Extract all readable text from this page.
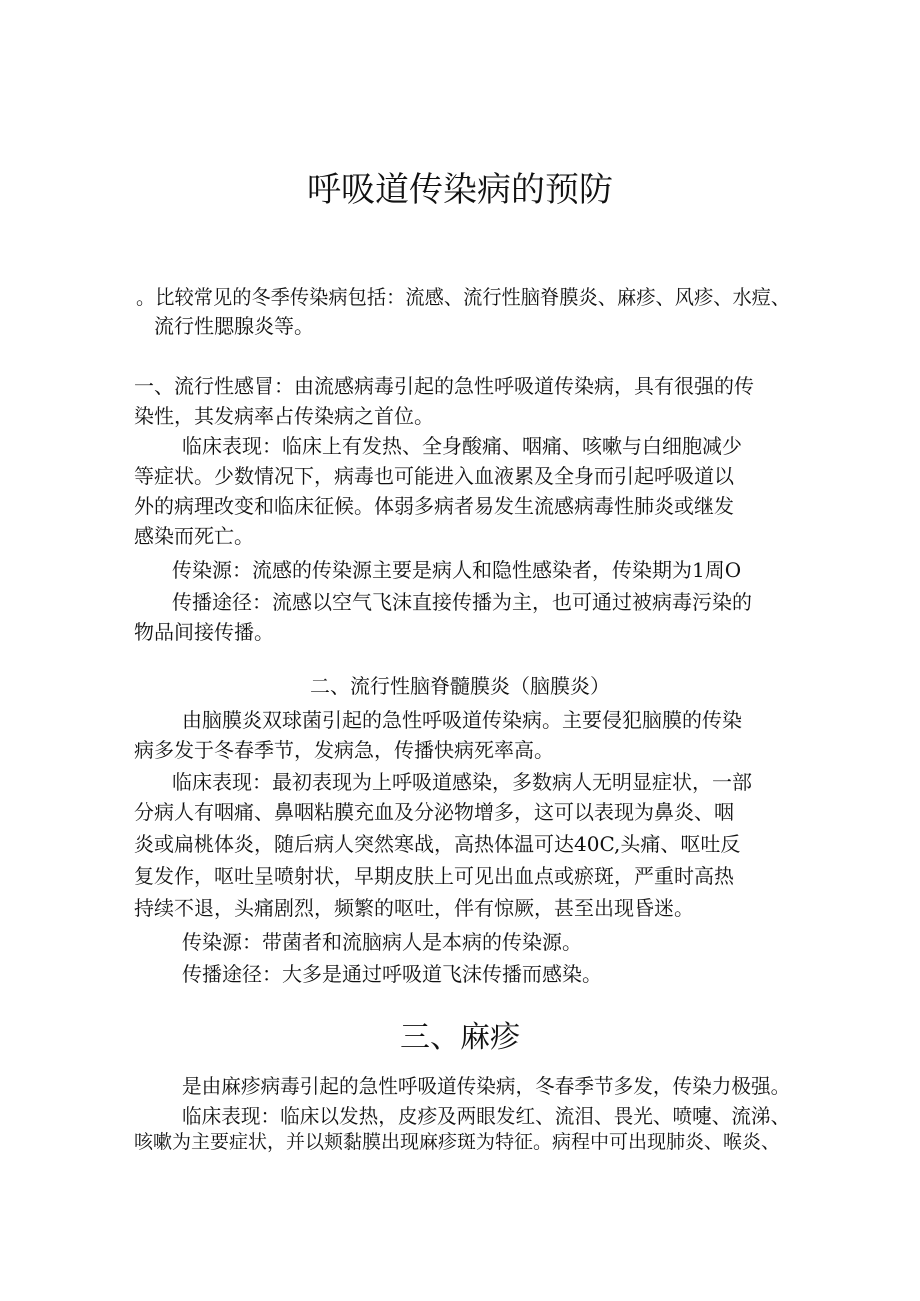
呼吸道传染病的预防
。比较常见的冬季传染病包括：流感、流行性脑脊膜炎、麻疹、风疹、水痘、
流行性腮腺炎等。
一、流行性感冒：由流感病毒引起的急性呼吸道传染病，具有很强的传
染性，其发病率占传染病之首位。
临床表现：临床上有发热、全身酸痛、咽痛、咳嗽与白细胞减少
等症状。少数情况下，病毒也可能进入血液累及全身而引起呼吸道以
外的病理改变和临床征候。体弱多病者易发生流感病毒性肺炎或继发
感染而死亡。
传染源：流感的传染源主要是病人和隐性感染者，传染期为1周O
传播途径：流感以空气飞沫直接传播为主，也可通过被病毒污染的
物品间接传播。
二、流行性脑脊髓膜炎（脑膜炎）
由脑膜炎双球菌引起的急性呼吸道传染病。主要侵犯脑膜的传染
病多发于冬春季节，发病急，传播快病死率高。
临床表现：最初表现为上呼吸道感染，多数病人无明显症状，一部
分病人有咽痛、鼻咽粘膜充血及分泌物增多，这可以表现为鼻炎、咽
炎或扁桃体炎，随后病人突然寒战，高热体温可达40C,头痛、呕吐反
复发作，呕吐呈喷射状，早期皮肤上可见出血点或瘀斑，严重时高热
持续不退，头痛剧烈，频繁的呕吐，伴有惊厥，甚至出现昏迷。
传染源：带菌者和流脑病人是本病的传染源。
传播途径：大多是通过呼吸道飞沫传播而感染。
三、麻疹
是由麻疹病毒引起的急性呼吸道传染病，冬春季节多发，传染力极强。
临床表现：临床以发热，皮疹及两眼发红、流泪、畏光、喷嚏、流涕、
咳嗽为主要症状，并以颊黏膜出现麻疹斑为特征。病程中可出现肺炎、喉炎、
